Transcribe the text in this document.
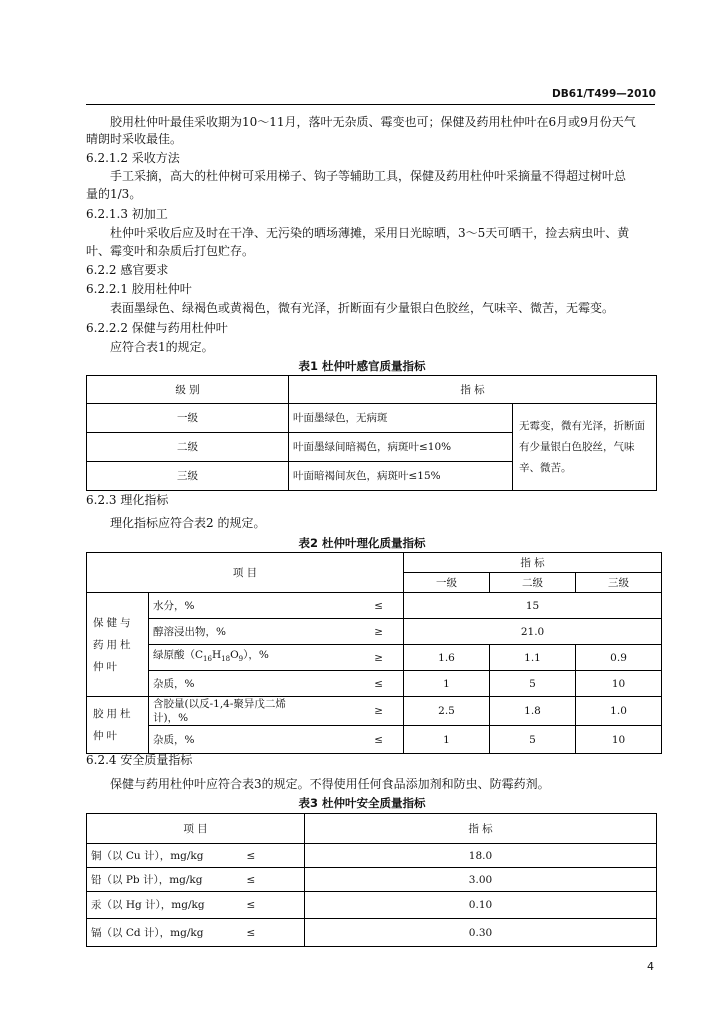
DB61/T499—2010
胶用杜仲叶最佳采收期为10～11月，落叶无杂质、霉变也可；保健及药用杜仲叶在6月或9月份天气
晴朗时采收最佳。
6.2.1.2 采收方法
手工采摘，高大的杜仲树可采用梯子、钩子等辅助工具，保健及药用杜仲叶采摘量不得超过树叶总
量的1/3。
6.2.1.3 初加工
杜仲叶采收后应及时在干净、无污染的晒场薄摊，采用日光晾晒，3～5天可晒干，捡去病虫叶、黄
叶、霉变叶和杂质后打包贮存。
6.2.2 感官要求
6.2.2.1 胶用杜仲叶
表面墨绿色、绿褐色或黄褐色，微有光泽，折断面有少量银白色胶丝，气味辛、微苦，无霉变。
6.2.2.2 保健与药用杜仲叶
应符合表1的规定。
表1 杜仲叶感官质量指标
级 别	指 标	
一级	叶面墨绿色，无病斑	无霉变，微有光泽，折断面有少量银白色胶丝，气味辛、微苦。
二级	叶面墨绿间暗褐色，病斑叶≤10%	
三级	叶面暗褐间灰色，病斑叶≤15%	
6.2.3 理化指标
理化指标应符合表2 的规定。
表2 杜仲叶理化质量指标
项 目			指 标		
			一级	二级	三级
保健与药用杜仲叶	水分，%	≤	15		
	醇溶浸出物，%	≥	21.0		
	绿原酸$(C_{16}H_{18}O_9)$，%	≥	1.6	1.1	0.9
	杂质，%	≤	1	5	10
胶用杜仲叶	含胶量(以反-1,4-聚异戊二烯计)，%	≥	2.5	1.8	1.0
	杂质，%	≤	1	5	10
6.2.4 安全质量指标
保健与药用杜仲叶应符合表3的规定。不得使用任何食品添加剂和防虫、防霉药剂。
表3 杜仲叶安全质量指标
项 目		指 标
铜（以 Cu 计），mg/kg	≤	18.0
铅（以 Pb 计），mg/kg	≤	3.00
汞（以 Hg 计），mg/kg	≤	0.10
镉（以 Cd 计），mg/kg	≤	0.30
4
